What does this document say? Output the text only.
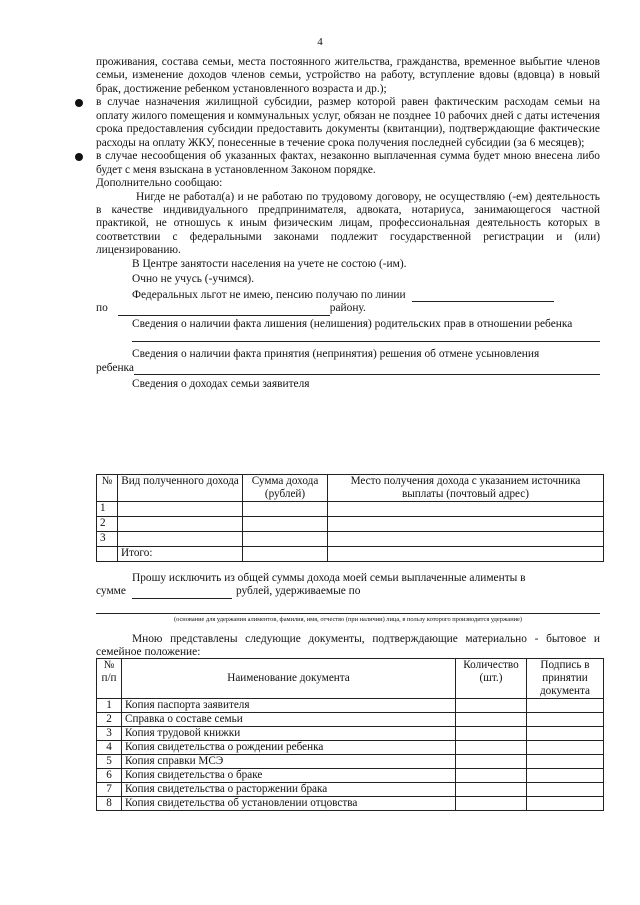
4

проживания, состава семьи, места постоянного жительства, гражданства, временное выбытие членов семьи, изменение доходов членов семьи, устройство на работу, вступление вдовы (вдовца) в новый брак, достижение ребенком установленного возраста и др.);

в случае назначения жилищной субсидии, размер которой равен фактическим расходам семьи на оплату жилого помещения и коммунальных услуг, обязан не позднее 10 рабочих дней с даты истечения срока предоставления субсидии предоставить документы (квитанции), подтверждающие фактические расходы на оплату ЖКУ, понесенные в течение срока получения последней субсидии (за 6 месяцев);

в случае несообщения об указанных фактах, незаконно выплаченная сумма будет мною внесена либо будет с меня взыскана в установленном Законом порядке.

Дополнительно сообщаю:

Нигде не работал(а) и не работаю по трудовому договору, не осуществляю (-ем) деятельность в качестве индивидуального предпринимателя, адвоката, нотариуса, занимающегося частной практикой, не отношусь к иным физическим лицам, профессиональная деятельность которых в соответствии с федеральными законами подлежит государственной регистрации и (или) лицензированию.

В Центре занятости населения на учете не состою (-им).

Очно не учусь (-учимся).

Федеральных льгот не имею, пенсию получаю по линии
по	району.

Сведения о наличии факта лишения (нелишения) родительских прав в отношении ребенка

Сведения о наличии факта принятия (непринятия) решения об отмене усыновления

ребенка

Сведения о доходах семьи заявителя

№	Вид полученного дохода	Сумма дохода (рублей)	Место получения дохода с указанием источника выплаты (почтовый адрес)
1			
2			
3			
	Итого:		

Прошу исключить из общей суммы дохода моей семьи выплаченные алименты в

сумме	рублей, удерживаемые по
(основание для удержания алиментов, фамилия, имя, отчество (при наличии) лица, в пользу которого производится удержание)

Мною представлены следующие документы, подтверждающие материально - бытовое и семейное положение:

№ п/п	Наименование документа	Количество (шт.)	Подпись в принятии документа
1	Копия паспорта заявителя		
2	Справка о составе семьи		
3	Копия трудовой книжки		
4	Копия свидетельства о рождении ребенка		
5	Копия справки МСЭ		
6	Копия свидетельства о браке		
7	Копия свидетельства о расторжении брака		
8	Копия свидетельства об установлении отцовства		
